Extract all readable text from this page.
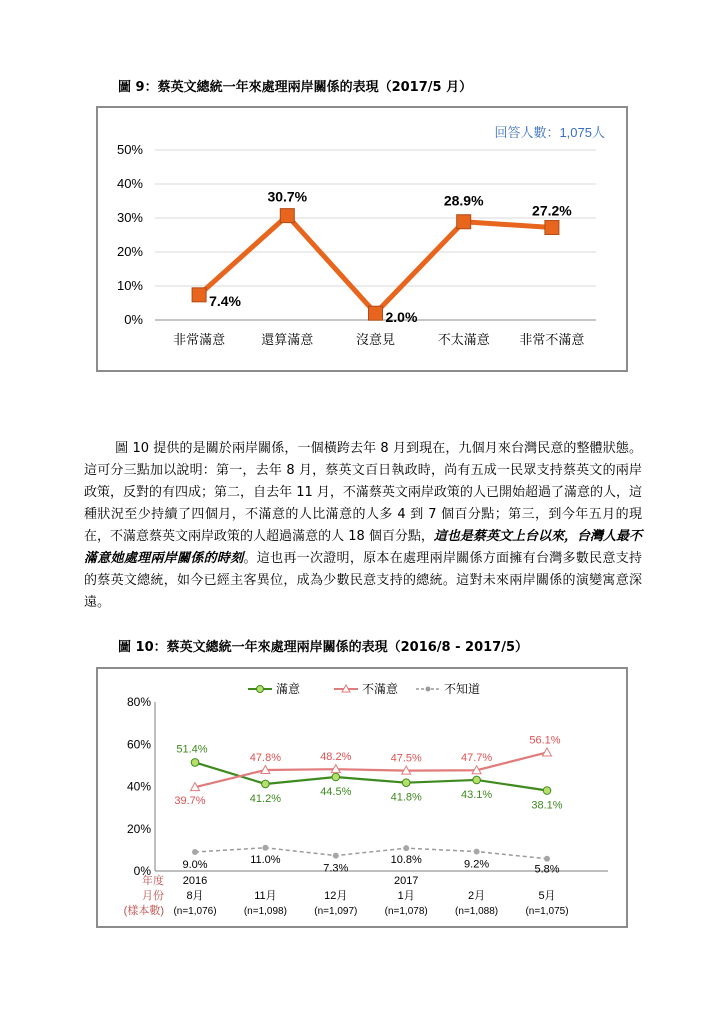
圖 9：蔡英文總統一年來處理兩岸關係的表現（2017/5 月）
回答人數：1,075人
0%
10%
20%
30%
40%
50%
非常滿意	還算滿意	沒意見	不太滿意 非常不滿意
7.4%
30.7%
2.0%
28.9%
27.2%
圖 10 提供的是關於兩岸關係，一個橫跨去年 8 月到現在，九個月來台灣民意的整體狀態。這可分三點加以說明：第一，去年 8 月，蔡英文百日執政時，尚有五成一民眾支持蔡英文的兩岸政策，反對的有四成；第二，自去年 11 月，不滿蔡英文兩岸政策的人已開始超過了滿意的人，這種狀況至少持續了四個月，不滿意的人比滿意的人多 4 到 7 個百分點；第三，到今年五月的現在，不滿意蔡英文兩岸政策的人超過滿意的人 18 個百分點，這也是蔡英文上台以來，台灣人最不滿意她處理兩岸關係的時刻。這也再一次證明，原本在處理兩岸關係方面擁有台灣多數民意支持的蔡英文總統，如今已經主客異位，成為少數民意支持的總統。這對未來兩岸關係的演變寓意深遠。
圖 10：蔡英文總統一年來處理兩岸關係的表現（2016/8 - 2017/5）
0%
20%
40%
60%
80%
滿意	不滿意	不知道
51.4%
41.2%
44.5%	41.8%	43.1%
38.1%
39.7%
47.8%	48.2%	47.5%	47.7%
56.1%
9.0%	11.0%
7.3%
10.8%	9.2%	5.8%
年度
月份
(樣本數)
2016
8月
(n=1,076)
11月
(n=1,098)
12月
(n=1,097)
2017
1月
(n=1,078)
2月
(n=1,088)
5月
(n=1,075)
